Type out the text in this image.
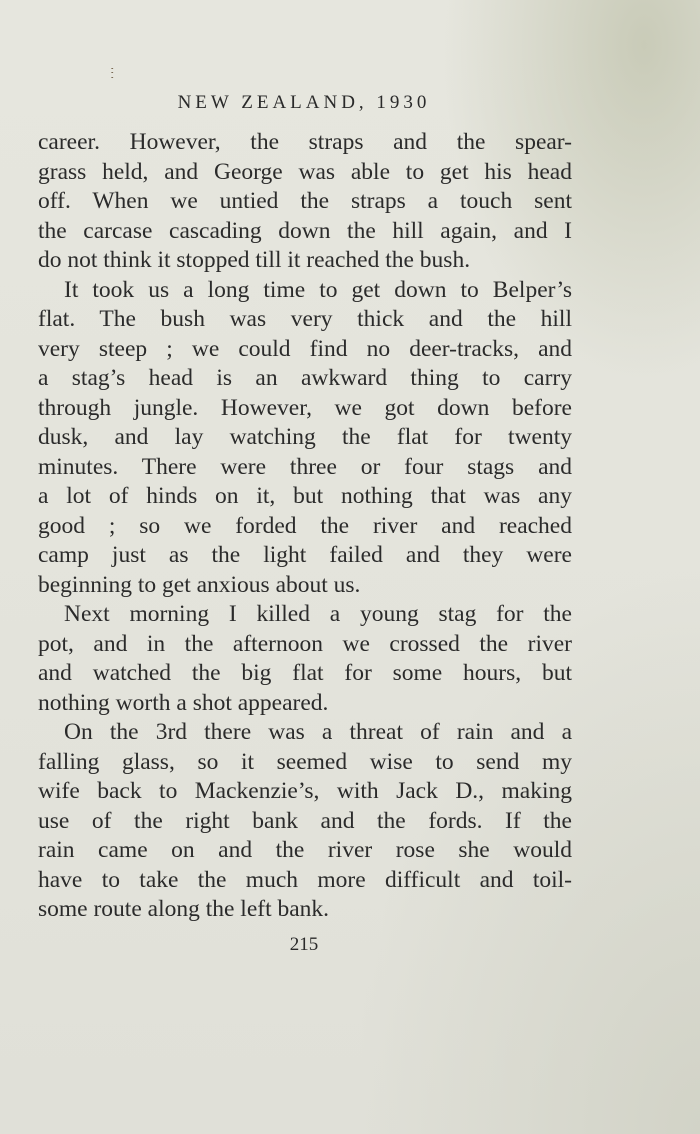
ⵗ
NEW ZEALAND, 1930
career. However, the straps and the spear-
grass held, and George was able to get his head
off. When we untied the straps a touch sent
the carcase cascading down the hill again, and I
do not think it stopped till it reached the bush.
It took us a long time to get down to Belper’s
flat. The bush was very thick and the hill
very steep ; we could find no deer-tracks, and
a stag’s head is an awkward thing to carry
through jungle. However, we got down before
dusk, and lay watching the flat for twenty
minutes. There were three or four stags and
a lot of hinds on it, but nothing that was any
good ; so we forded the river and reached
camp just as the light failed and they were
beginning to get anxious about us.
Next morning I killed a young stag for the
pot, and in the afternoon we crossed the river
and watched the big flat for some hours, but
nothing worth a shot appeared.
On the 3rd there was a threat of rain and a
falling glass, so it seemed wise to send my
wife back to Mackenzie’s, with Jack D., making
use of the right bank and the fords. If the
rain came on and the river rose she would
have to take the much more difficult and toil-
some route along the left bank.
215
